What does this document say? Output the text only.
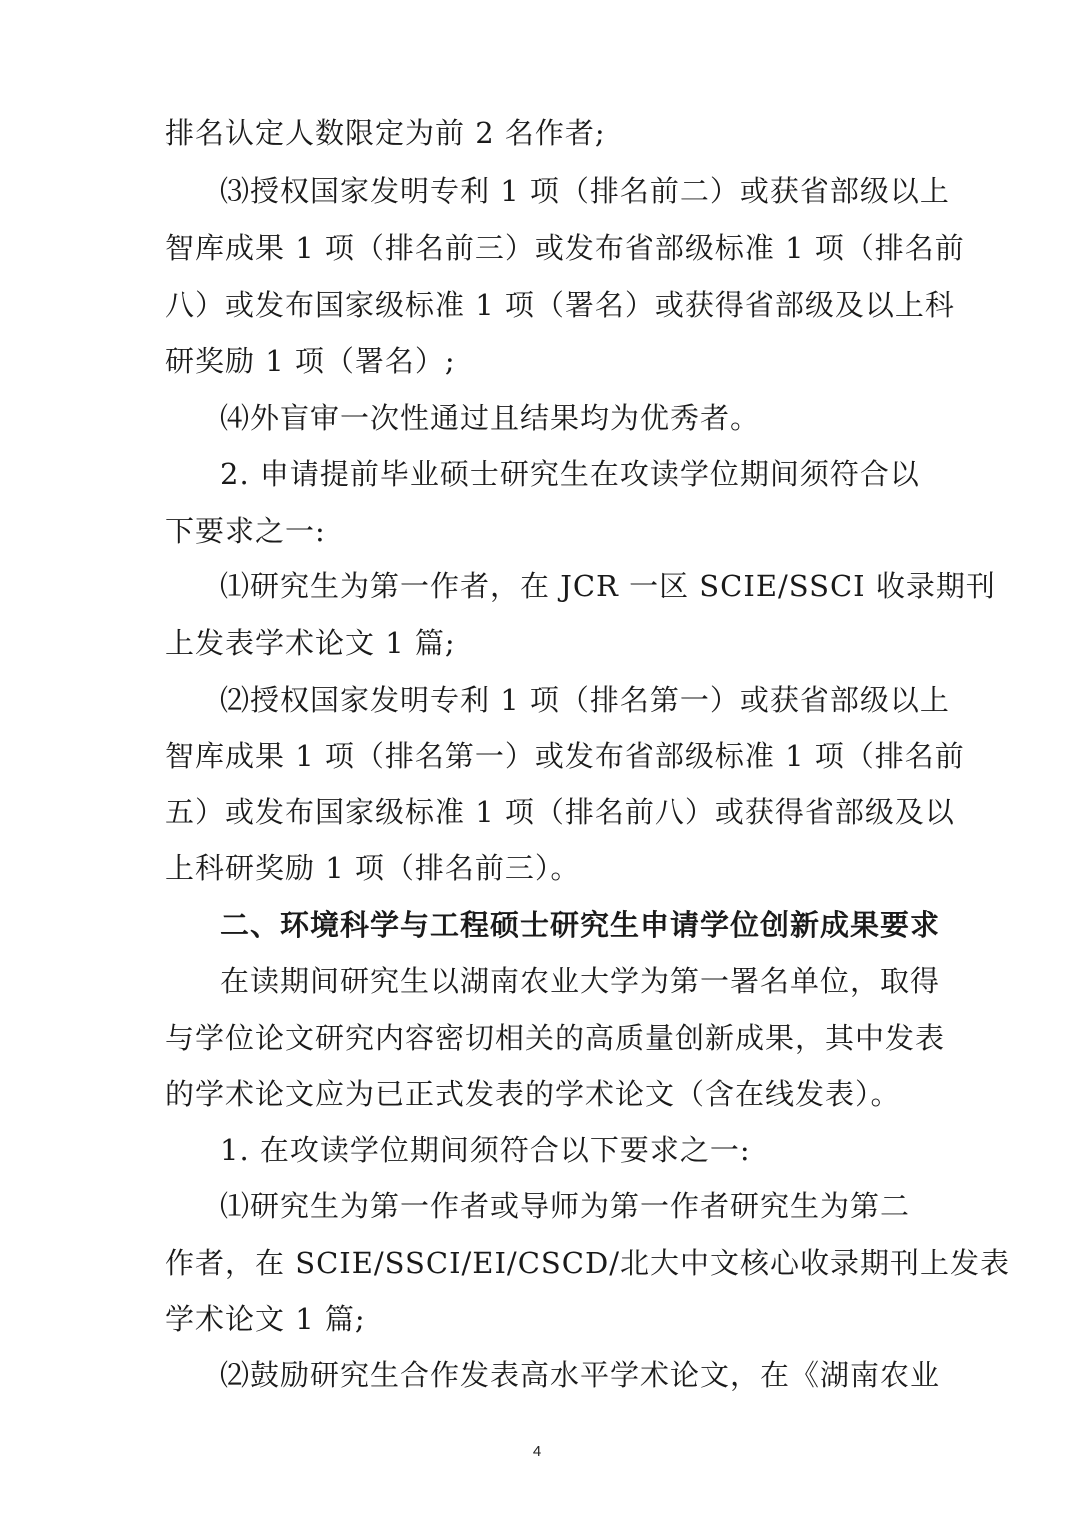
排名认定人数限定为前 2 名作者;
⑶授权国家发明专利 1 项（排名前二）或获省部级以上
智库成果 1 项（排名前三）或发布省部级标准 1 项（排名前
八）或发布国家级标准 1 项（署名）或获得省部级及以上科
研奖励 1 项（署名）;
⑷外盲审一次性通过且结果均为优秀者。
2. 申请提前毕业硕士研究生在攻读学位期间须符合以
下要求之一:
⑴研究生为第一作者，在 JCR 一区 SCIE/SSCI 收录期刊
上发表学术论文 1 篇;
⑵授权国家发明专利 1 项（排名第一）或获省部级以上
智库成果 1 项（排名第一）或发布省部级标准 1 项（排名前
五）或发布国家级标准 1 项（排名前八）或获得省部级及以
上科研奖励 1 项（排名前三）。
二、环境科学与工程硕士研究生申请学位创新成果要求
在读期间研究生以湖南农业大学为第一署名单位，取得
与学位论文研究内容密切相关的高质量创新成果，其中发表
的学术论文应为已正式发表的学术论文（含在线发表）。
1. 在攻读学位期间须符合以下要求之一:
⑴研究生为第一作者或导师为第一作者研究生为第二
作者，在 SCIE/SSCI/EI/CSCD/北大中文核心收录期刊上发表
学术论文 1 篇;
⑵鼓励研究生合作发表高水平学术论文，在《湖南农业
4
